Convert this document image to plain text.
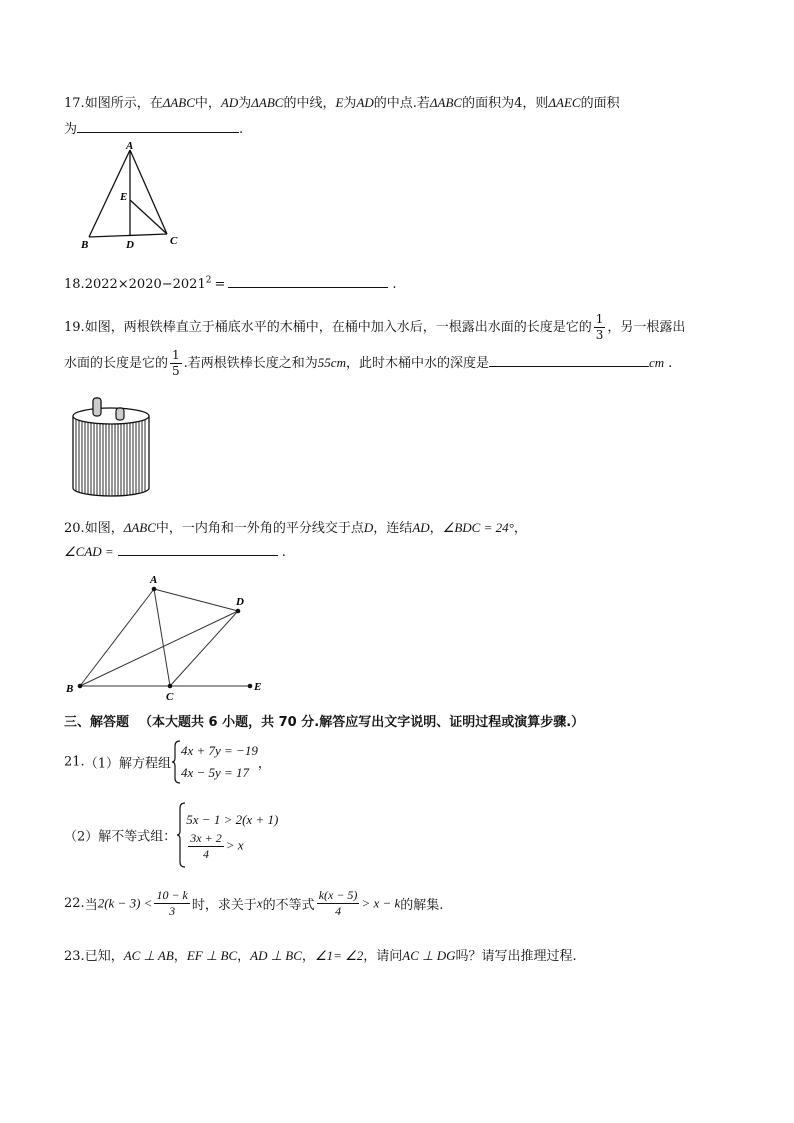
17.如图所示，在ΔABC中，AD为ΔABC的中线，E为AD的中点.若ΔABC的面积为4，则ΔAEC的面积
为	.
A
E
B	D	C
$18.2022\times 2020-2021^2$ =	.
19.如图，两根铁棒直立于桶底水平的木桶中，在桶中加入水后，一根露出水面的长度是它的 $\frac{1}{3}$ ，另一根露出
水面的长度是它的 $\frac{1}{5}$ .若两根铁棒长度之和为55cm，此时木桶中水的深度是	cm .
20.如图，ΔABC中，一内角和一外角的平分线交于点D，连结AD，∠BDC = 24°，
∠CAD =	.
A
D
B
C
E
三、解答题 （本大题共 6 小题，共 70 分.解答应写出文字说明、证明过程或演算步骤.）
21.（1）解方程组
4x + 7y = −19
4x − 5y = 17
，
（2）解不等式组：
5x − 1 > 2(x + 1)
$\frac{3x + 2}{4} > x$
22.当$2(k - 3) < \frac{10 - k}{3}$ 时，求关于x的不等式 $\frac{k(x - 5)}{4} > x - k$的解集.
23.已知，AC ⊥ AB，EF ⊥ BC，AD ⊥ BC，∠1= ∠2，请问AC ⊥ DG吗？请写出推理过程.
